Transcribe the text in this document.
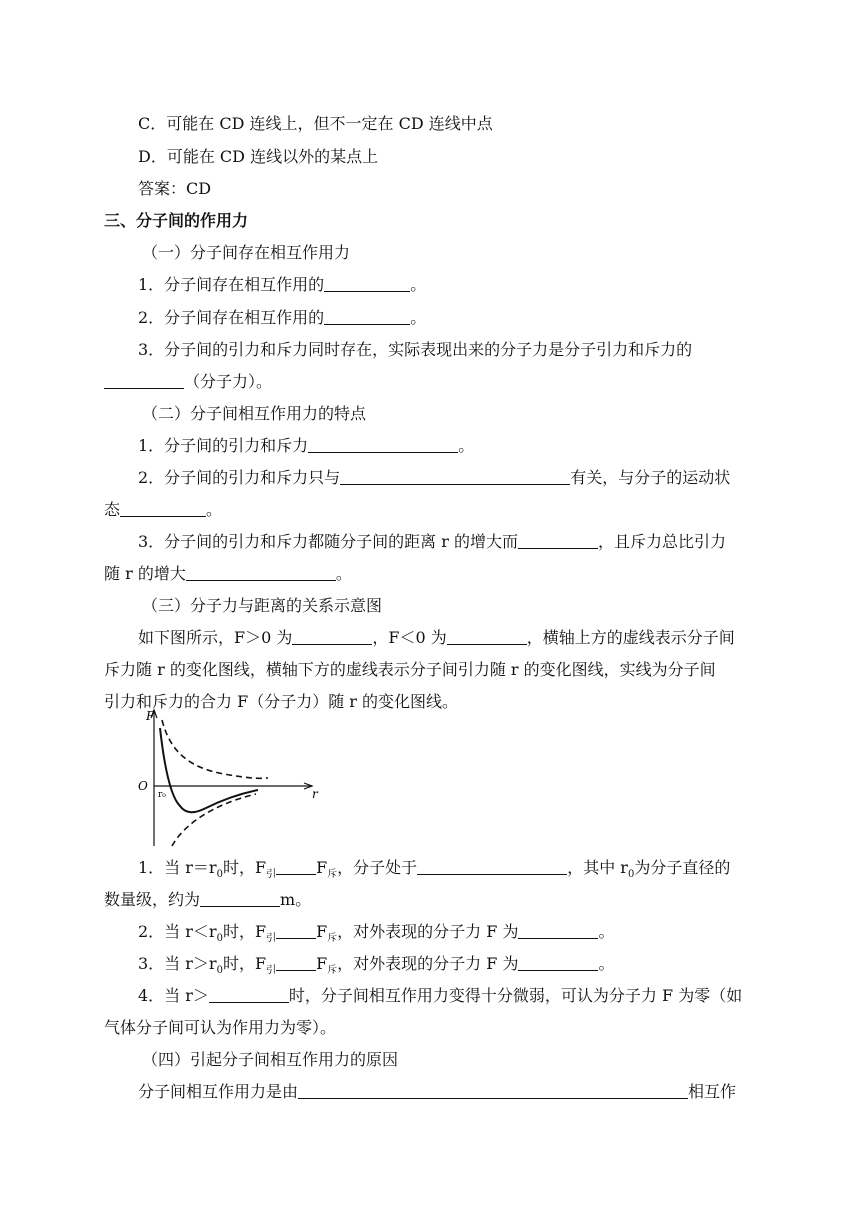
C．可能在 CD 连线上，但不一定在 CD 连线中点
D．可能在 CD 连线以外的某点上
答案：CD
三、分子间的作用力
（一）分子间存在相互作用力
1．分子间存在相互作用的	。
2．分子间存在相互作用的	。
3．分子间的引力和斥力同时存在，实际表现出来的分子力是分子引力和斥力的
（分子力）。
（二）分子间相互作用力的特点
1．分子间的引力和斥力	。
2．分子间的引力和斥力只与	有关，与分子的运动状
态	。
3．分子间的引力和斥力都随分子间的距离 r 的增大而	，且斥力总比引力
随 r 的增大	。
（三）分子力与距离的关系示意图
如下图所示，F＞0 为	，F＜0 为	，横轴上方的虚线表示分子间
斥力随 r 的变化图线，横轴下方的虚线表示分子间引力随 r 的变化图线，实线为分子间
引力和斥力的合力 F（分子力）随 r 的变化图线。
F
O
r₀	r
1．当 $r=r_0$时，$F_引$	$F_斥$，分子处于	，其中 $r_0$为分子直径的
数量级，约为	m。
2．当 $r<r_0$时，$F_引$	$F_斥$，对外表现的分子力 F 为	。
3．当 $r>r_0$时，$F_引$	$F_斥$，对外表现的分子力 F 为	。
4．当 r＞	时，分子间相互作用力变得十分微弱，可认为分子力 F 为零（如
气体分子间可认为作用力为零）。
（四）引起分子间相互作用力的原因
分子间相互作用力是由	相互作
